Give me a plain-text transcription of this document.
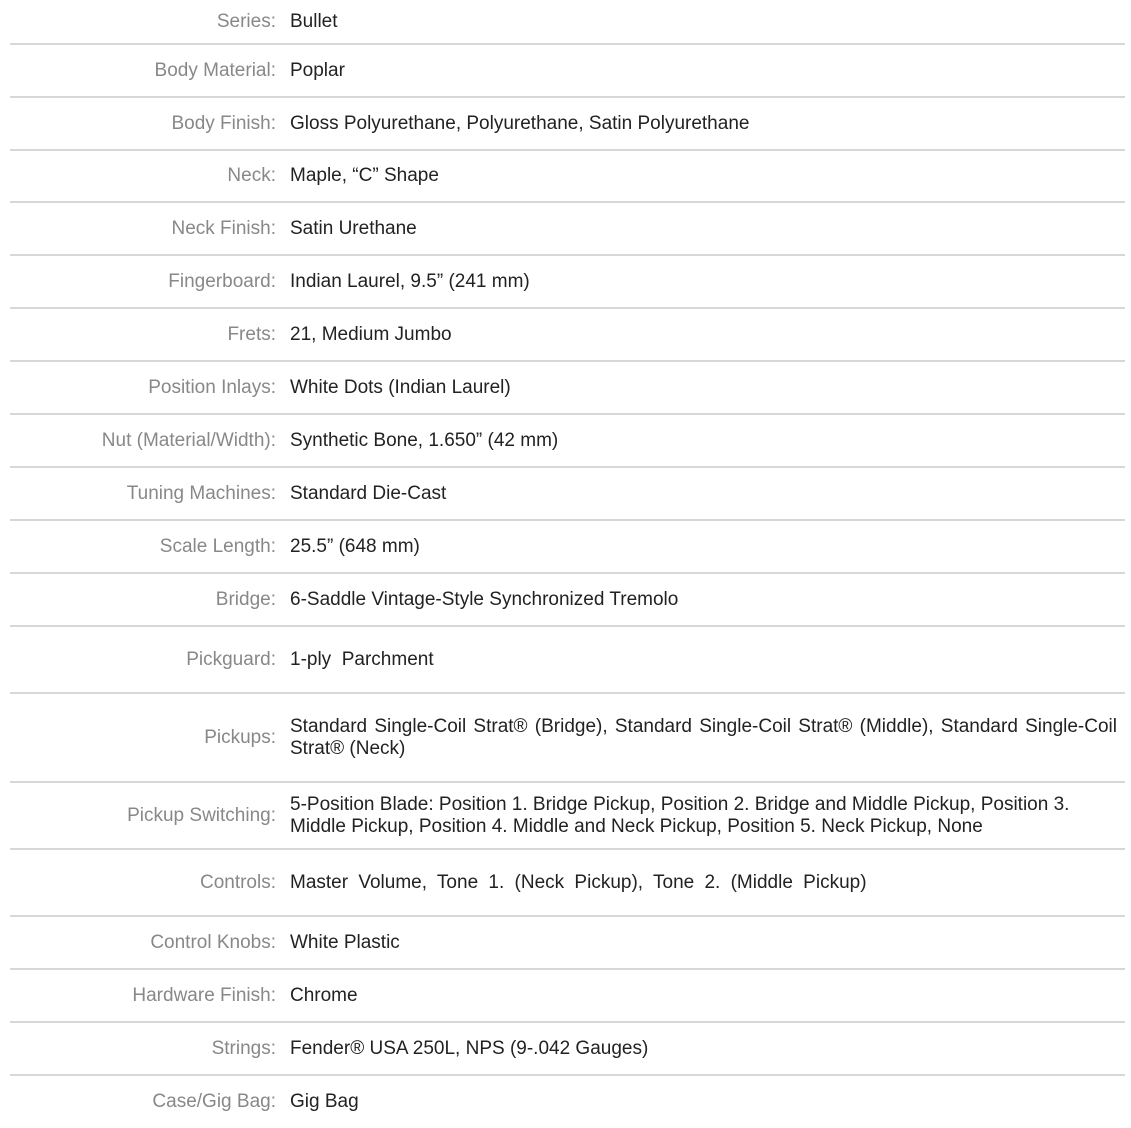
Series: Bullet
Body Material: Poplar
Body Finish: Gloss Polyurethane, Polyurethane, Satin Polyurethane
Neck: Maple, “C” Shape
Neck Finish: Satin Urethane
Fingerboard: Indian Laurel, 9.5” (241 mm)
Frets: 21, Medium Jumbo
Position Inlays: White Dots (Indian Laurel)
Nut (Material/Width): Synthetic Bone, 1.650” (42 mm)
Tuning Machines: Standard Die-Cast
Scale Length: 25.5” (648 mm)
Bridge: 6-Saddle Vintage-Style Synchronized Tremolo
Pickguard: 1-ply  Parchment
Pickups:
Standard Single-Coil Strat® (Bridge), Standard Single-Coil Strat® (Middle), Standard Single-Coil Strat® (Neck)
Pickup Switching:
5-Position Blade: Position 1. Bridge Pickup, Position 2. Bridge and Middle Pickup, Position 3. Middle Pickup, Position 4. Middle and Neck Pickup, Position 5. Neck Pickup, None
Controls: Master Volume, Tone 1. (Neck Pickup), Tone 2. (Middle Pickup)
Control Knobs: White Plastic
Hardware Finish: Chrome
Strings: Fender® USA 250L, NPS (9-.042 Gauges)
Case/Gig Bag: Gig Bag
